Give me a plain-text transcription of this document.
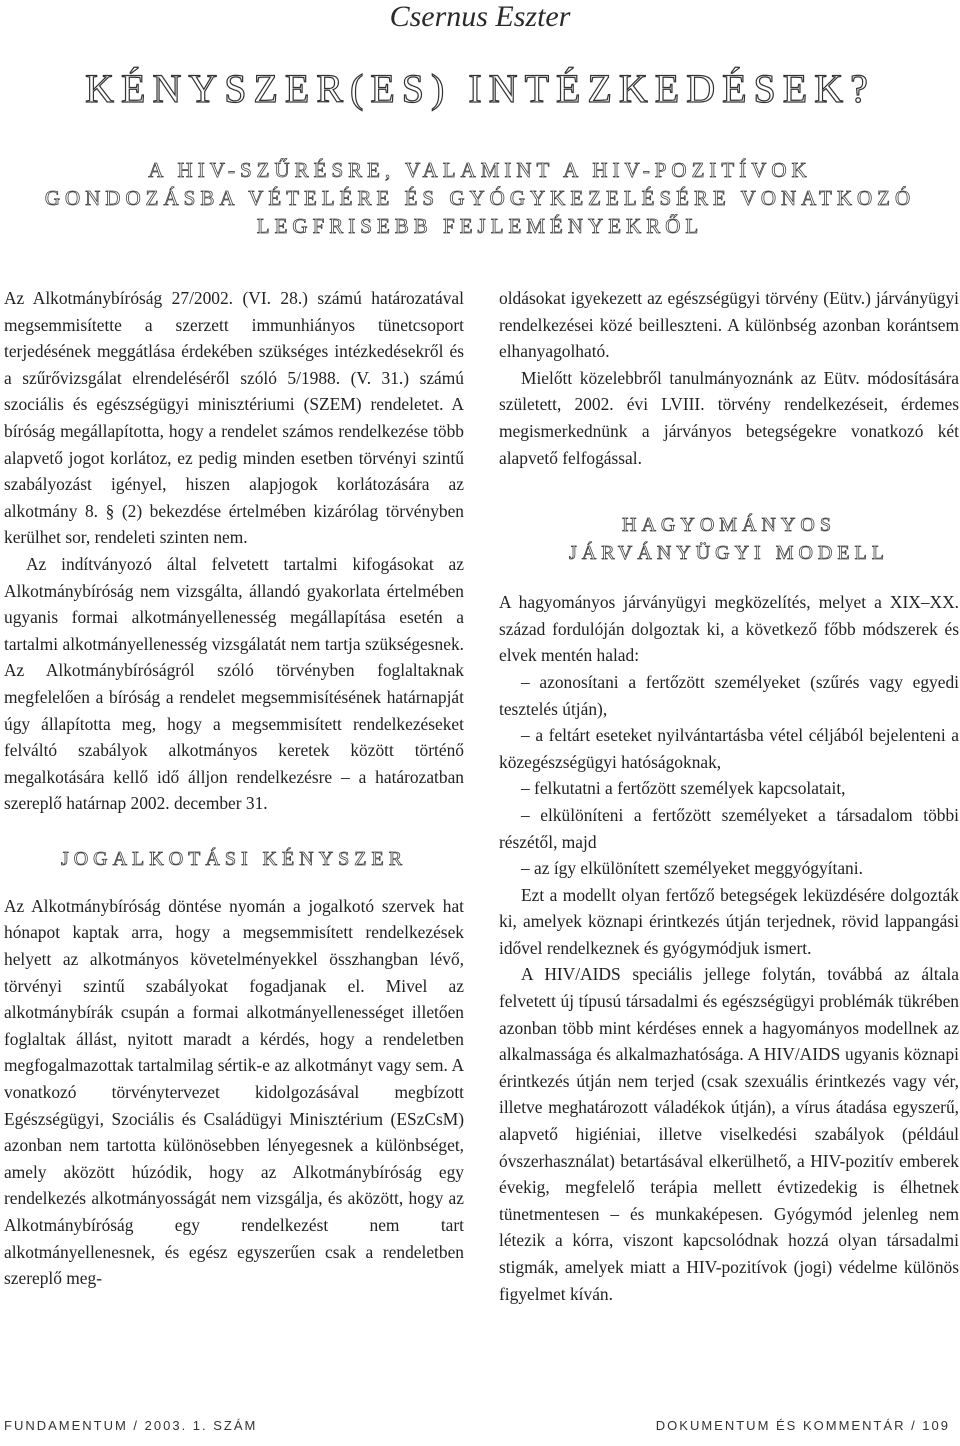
Csernus Eszter
KÉNYSZER(ES) INTÉZKEDÉSEK?
A HIV-SZŰRÉSRE, VALAMINT A HIV-POZITÍVOK
GONDOZÁSBA VÉTELÉRE ÉS GYÓGYKEZELÉSÉRE VONATKOZÓ
LEGFRISEBB FEJLEMÉNYEKRŐL

Az Alkotmánybíróság 27/2002. (VI. 28.) számú határozatával megsemmisítette a szerzett immunhiányos tünetcsoport terjedésének meggátlása érdekében szükséges intézkedésekről és a szűrővizsgálat elrendeléséről szóló 5/1988. (V. 31.) számú szociális és egészségügyi minisztériumi (SZEM) rendeletet. A bíróság megállapította, hogy a rendelet számos rendelkezése több alapvető jogot korlátoz, ez pedig minden esetben törvényi szintű szabályozást igényel, hiszen alapjogok korlátozására az alkotmány 8. § (2) bekezdése értelmében kizárólag törvényben kerülhet sor, rendeleti szinten nem.

Az indítványozó által felvetett tartalmi kifogásokat az Alkotmánybíróság nem vizsgálta, állandó gyakorlata értelmében ugyanis formai alkotmányellenesség megállapítása esetén a tartalmi alkotmányellenesség vizsgálatát nem tartja szükségesnek. Az Alkotmánybíróságról szóló törvényben foglaltaknak megfelelően a bíróság a rendelet megsemmisítésének határnapját úgy állapította meg, hogy a megsemmisített rendelkezéseket felváltó szabályok alkotmányos keretek között történő megalkotására kellő idő álljon rendelkezésre – a határozatban szereplő határnap 2002. december 31.

JOGALKOTÁSI KÉNYSZER

Az Alkotmánybíróság döntése nyomán a jogalkotó szervek hat hónapot kaptak arra, hogy a megsemmisített rendelkezések helyett az alkotmányos követelményekkel összhangban lévő, törvényi szintű szabályokat fogadjanak el. Mivel az alkotmánybírák csupán a formai alkotmányellenességet illetően foglaltak állást, nyitott maradt a kérdés, hogy a rendeletben megfogalmazottak tartalmilag sértik-e az alkotmányt vagy sem. A vonatkozó törvénytervezet kidolgozásával megbízott Egészségügyi, Szociális és Családügyi Minisztérium (ESzCsM) azonban nem tartotta különösebben lényegesnek a különbséget, amely aközött húzódik, hogy az Alkotmánybíróság egy rendelkezés alkotmányosságát nem vizsgálja, és aközött, hogy az Alkotmánybíróság egy rendelkezést nem tart alkotmányellenesnek, és egész egyszerűen csak a rendeletben szereplő meg-

oldásokat igyekezett az egészségügyi törvény (Eütv.) járványügyi rendelkezései közé beilleszteni. A különbség azonban korántsem elhanyagolható.

Mielőtt közelebbről tanulmányoznánk az Eütv. módosítására született, 2002. évi LVIII. törvény rendelkezéseit, érdemes megismerkednünk a járványos betegségekre vonatkozó két alapvető felfogással.

HAGYOMÁNYOS
JÁRVÁNYÜGYI MODELL

A hagyományos járványügyi megközelítés, melyet a XIX–XX. század fordulóján dolgoztak ki, a következő főbb módszerek és elvek mentén halad:

– azonosítani a fertőzött személyeket (szűrés vagy egyedi tesztelés útján),

– a feltárt eseteket nyilvántartásba vétel céljából bejelenteni a közegészségügyi hatóságoknak,

– felkutatni a fertőzött személyek kapcsolatait,

– elkülöníteni a fertőzött személyeket a társadalom többi részétől, majd

– az így elkülönített személyeket meggyógyítani.

Ezt a modellt olyan fertőző betegségek leküzdésére dolgozták ki, amelyek köznapi érintkezés útján terjednek, rövid lappangási idővel rendelkeznek és gyógymódjuk ismert.

A HIV/AIDS speciális jellege folytán, továbbá az általa felvetett új típusú társadalmi és egészségügyi problémák tükrében azonban több mint kérdéses ennek a hagyományos modellnek az alkalmassága és alkalmazhatósága. A HIV/AIDS ugyanis köznapi érintkezés útján nem terjed (csak szexuális érintkezés vagy vér, illetve meghatározott váladékok útján), a vírus átadása egyszerű, alapvető higiéniai, illetve viselkedési szabályok (például óvszerhasználat) betartásával elkerülhető, a HIV-pozitív emberek évekig, megfelelő terápia mellett évtizedekig is élhetnek tünetmentesen – és munkaképesen. Gyógymód jelenleg nem létezik a kórra, viszont kapcsolódnak hozzá olyan társadalmi stigmák, amelyek miatt a HIV-pozitívok (jogi) védelme különös figyelmet kíván.

FUNDAMENTUM / 2003. 1. SZÁM	DOKUMENTUM ÉS KOMMENTÁR / 109
